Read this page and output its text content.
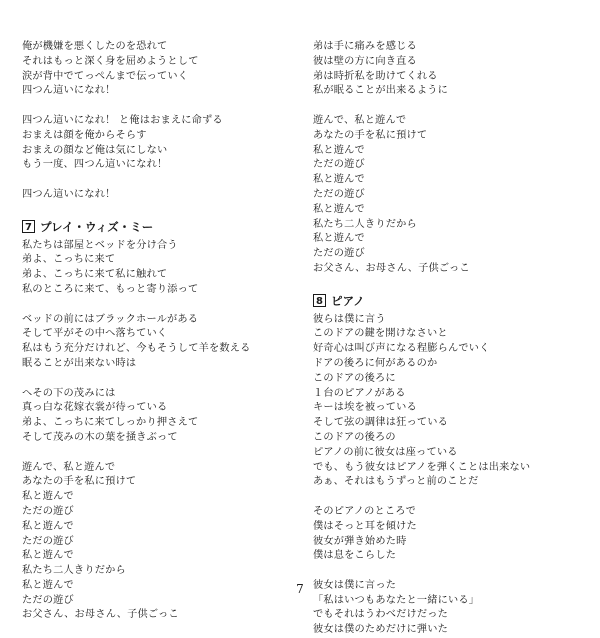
俺が機嫌を悪くしたのを恐れて
それはもっと深く身を屈めようとして
涙が背中でてっぺんまで伝っていく
四つん這いになれ！
四つん這いになれ！ と俺はおまえに命ずる
おまえは顔を俺からそらす
おまえの顔など俺は気にしない
もう一度、四つん這いになれ！
四つん這いになれ！
7 プレイ・ウィズ・ミー
私たちは部屋とベッドを分け合う
弟よ、こっちに来て
弟よ、こっちに来て私に触れて
私のところに来て、もっと寄り添って
ベッドの前にはブラックホールがある
そして平がその中へ落ちていく
私はもう充分だけれど、今もそうして羊を数える
眠ることが出来ない時は
へその下の茂みには
真っ白な花嫁衣裳が待っている
弟よ、こっちに来てしっかり押さえて
そして茂みの木の葉を掻きぶって
遊んで、私と遊んで
あなたの手を私に預けて
私と遊んで
ただの遊び
私と遊んで
ただの遊び
私と遊んで
私たち二人きりだから
私と遊んで
ただの遊び
お父さん、お母さん、子供ごっこ
弟は手に痛みを感じる
彼は壁の方に向き直る
弟は時折私を助けてくれる
私が眠ることが出来るように
遊んで、私と遊んで
あなたの手を私に預けて
私と遊んで
ただの遊び
私と遊んで
ただの遊び
私と遊んで
私たち二人きりだから
私と遊んで
ただの遊び
お父さん、お母さん、子供ごっこ
8 ピアノ
彼らは僕に言う
このドアの鍵を開けなさいと
好奇心は叫び声になる程膨らんでいく
ドアの後ろに何があるのか
このドアの後ろに
１台のピアノがある
キーは埃を被っている
そして弦の調律は狂っている
このドアの後ろの
ピアノの前に彼女は座っている
でも、もう彼女はピアノを弾くことは出来ない
あぁ、それはもうずっと前のことだ
そのピアノのところで
僕はそっと耳を傾けた
彼女が弾き始めた時
僕は息をこらした
彼女は僕に言った
「私はいつもあなたと一緒にいる」
でもそれはうわべだけだった
彼女は僕のためだけに弾いた
7
